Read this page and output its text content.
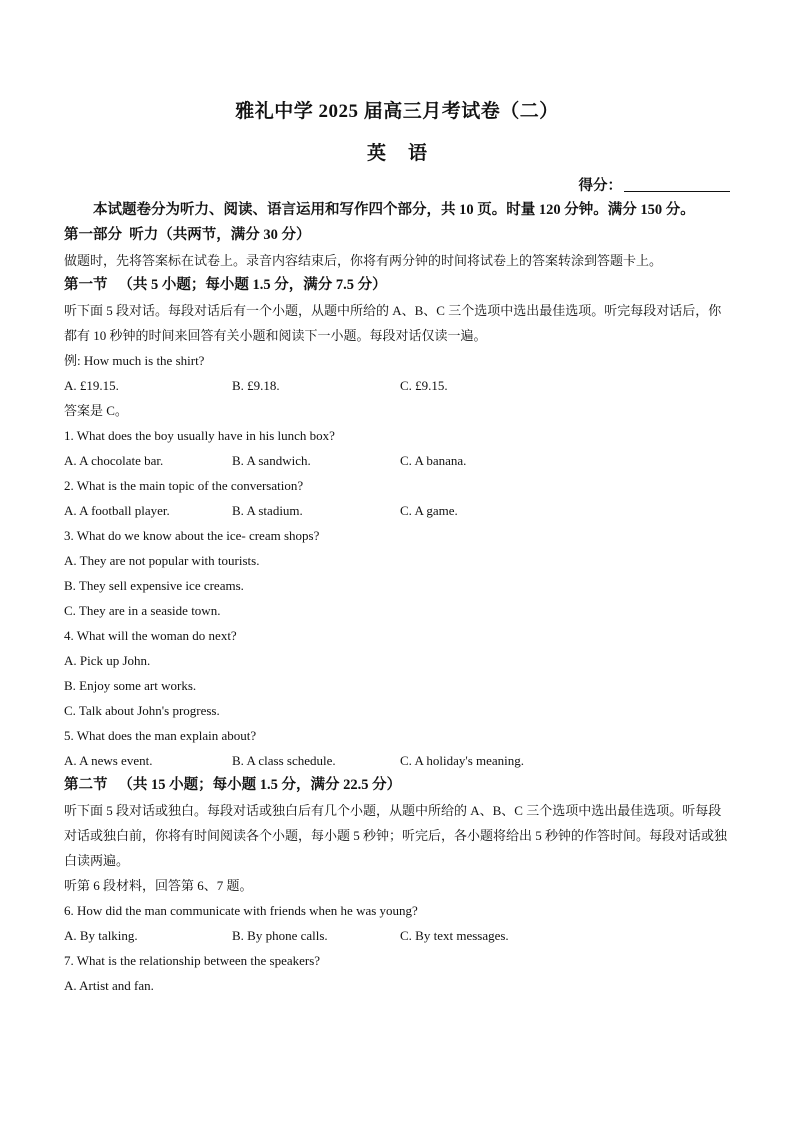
雅礼中学 2025 届高三月考试卷（二）
英语
得分：

本试题卷分为听力、阅读、语言运用和写作四个部分，共 10 页。时量 120 分钟。满分 150 分。

第一部分  听力（共两节，满分 30 分）

做题时，先将答案标在试卷上。录音内容结束后，你将有两分钟的时间将试卷上的答案转涂到答题卡上。

第一节   （共 5 小题；每小题 1.5 分，满分 7.5 分）

听下面 5 段对话。每段对话后有一个小题，从题中所给的 A、B、C 三个选项中选出最佳选项。听完每段对话后，你都有 10 秒钟的时间来回答有关小题和阅读下一小题。每段对话仅读一遍。

例: How much is the shirt?

A. £19.15.	B. £9.18.	C. £9.15.

答案是 C。

1. What does the boy usually have in his lunch box?

A. A chocolate bar.	B. A sandwich.	C. A banana.

2. What is the main topic of the conversation?

A. A football player.	B. A stadium.	C. A game.

3. What do we know about the ice- cream shops?

A. They are not popular with tourists.

B. They sell expensive ice creams.

C. They are in a seaside town.

4. What will the woman do next?

A. Pick up John.

B. Enjoy some art works.

C. Talk about John's progress.

5. What does the man explain about?

A. A news event.	B. A class schedule.	C. A holiday's meaning.

第二节   （共 15 小题；每小题 1.5 分，满分 22.5 分）

听下面 5 段对话或独白。每段对话或独白后有几个小题，从题中所给的 A、B、C 三个选项中选出最佳选项。听每段对话或独白前，你将有时间阅读各个小题，每小题 5 秒钟；听完后，各小题将给出 5 秒钟的作答时间。每段对话或独白读两遍。

听第 6 段材料，回答第 6、7 题。

6. How did the man communicate with friends when he was young?

A. By talking.	B. By phone calls.	C. By text messages.

7. What is the relationship between the speakers?

A. Artist and fan.
